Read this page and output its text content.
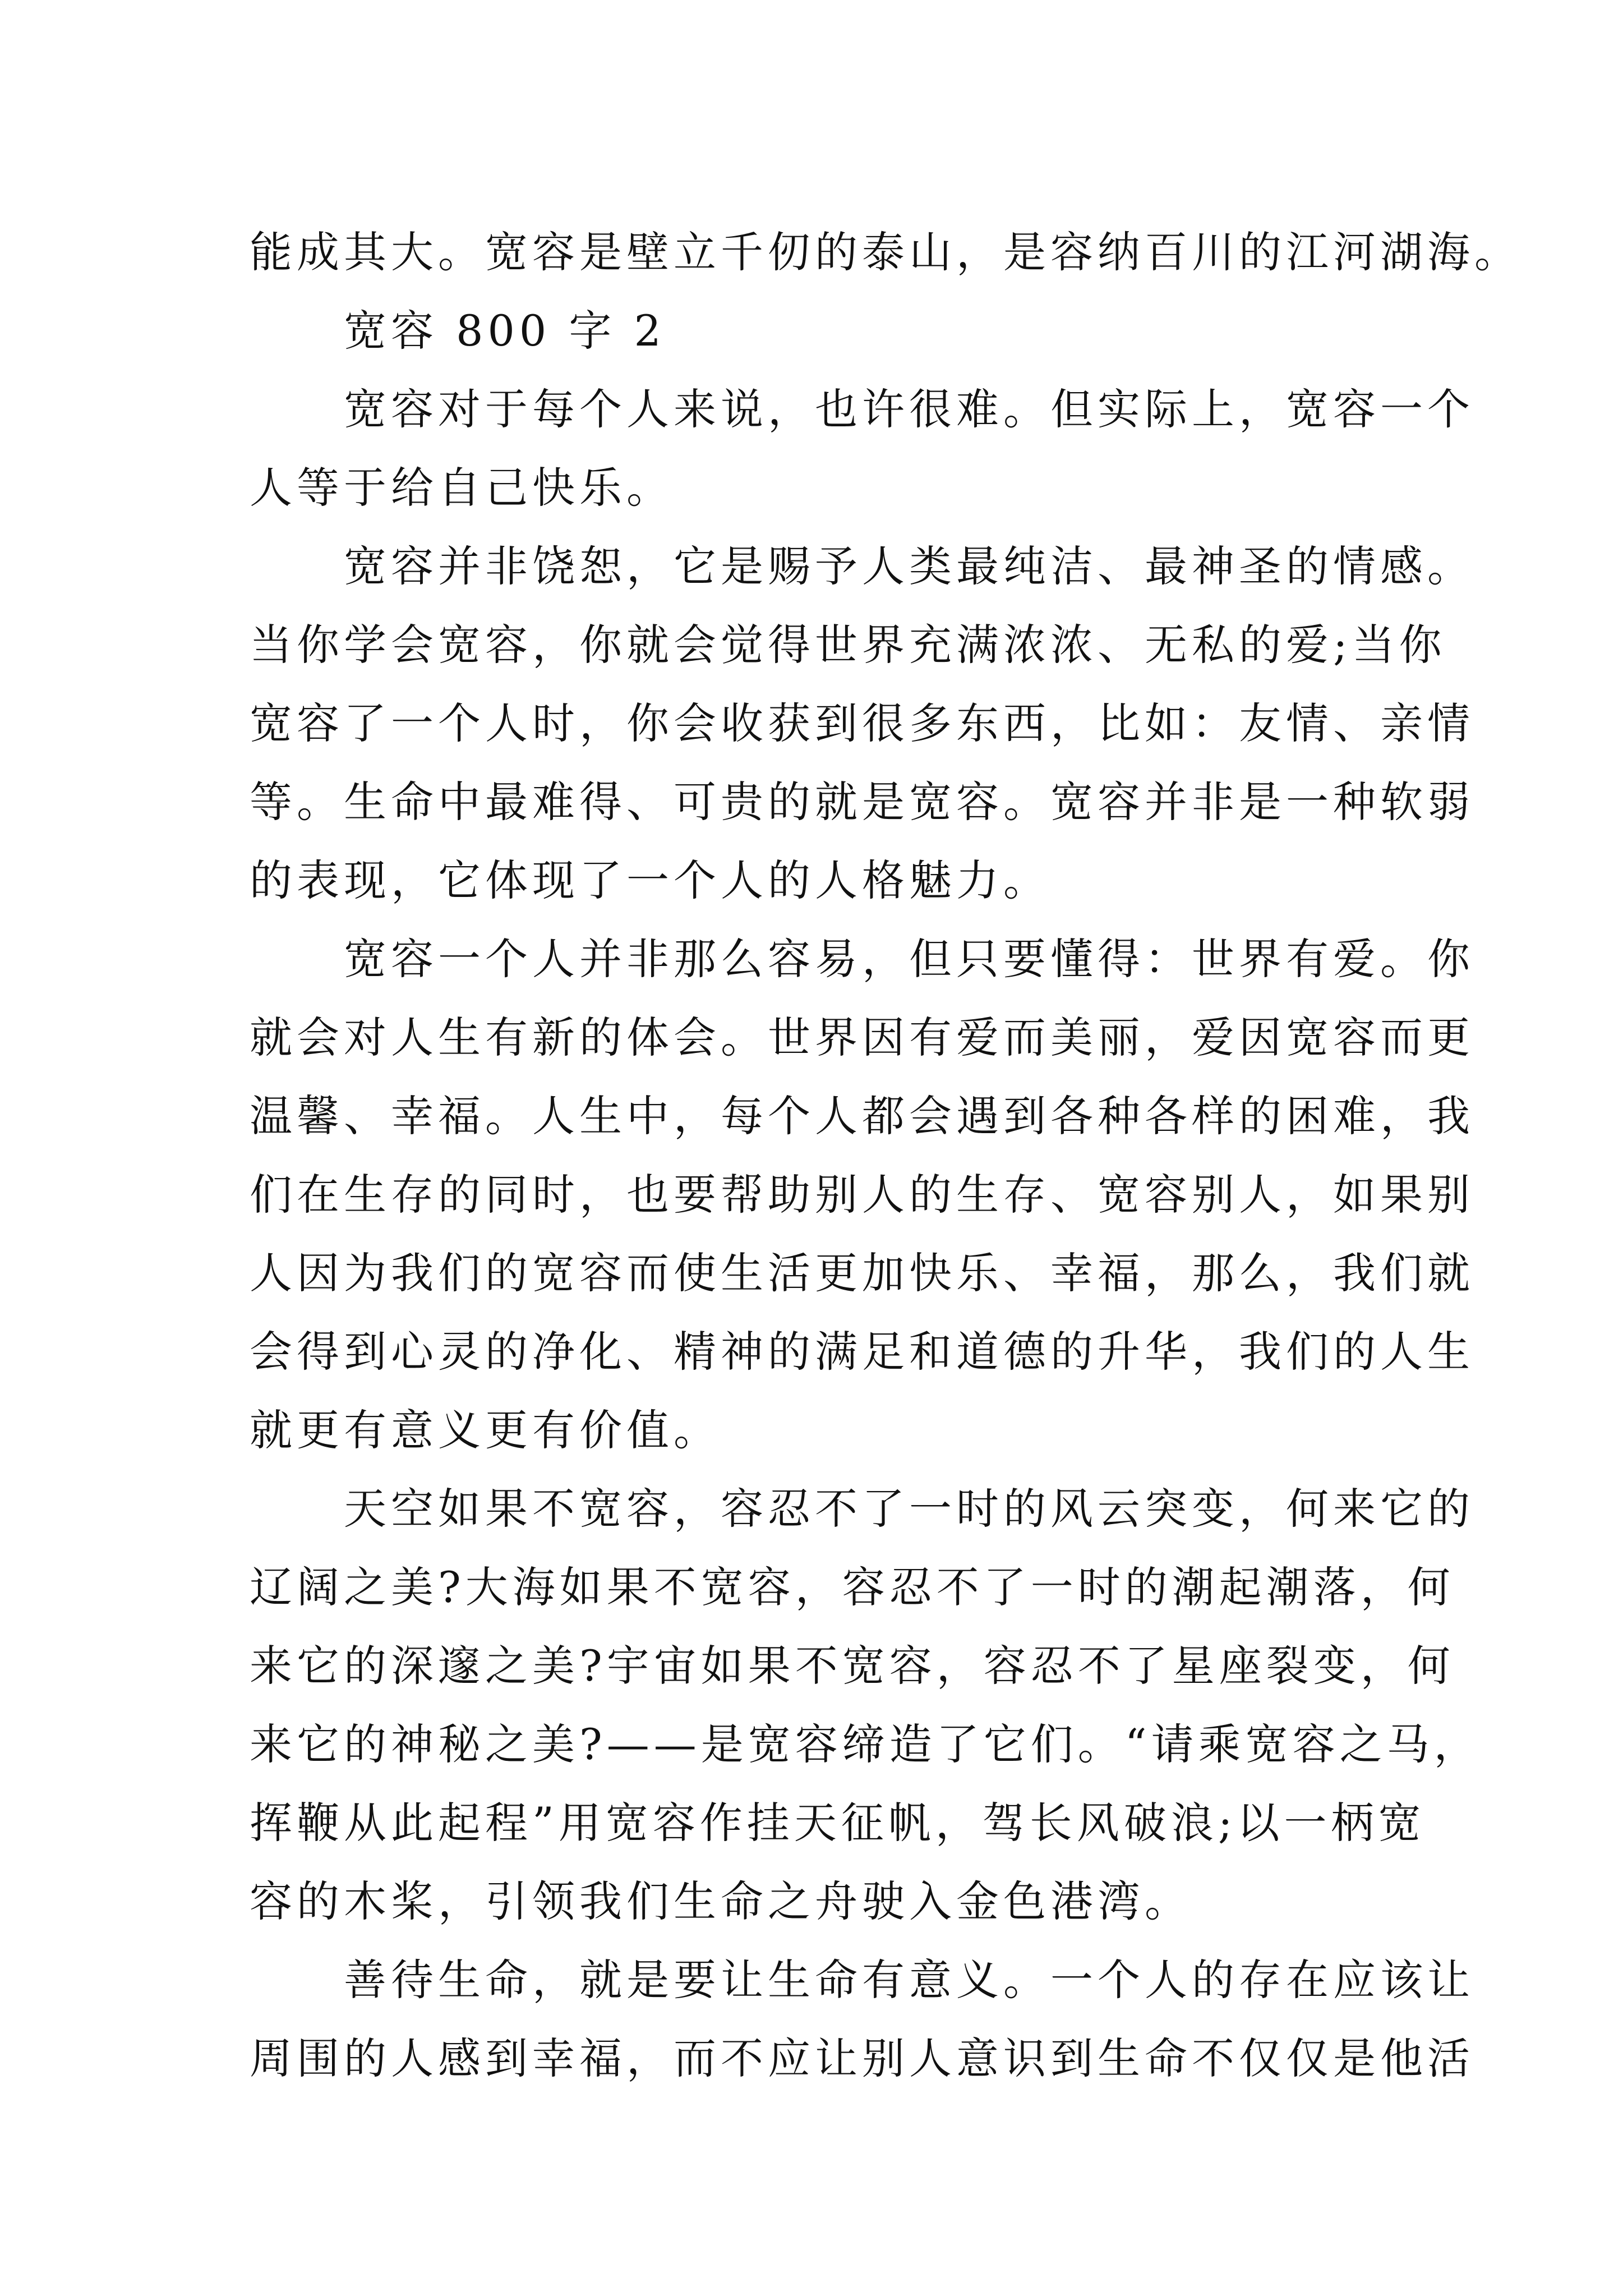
能成其大。宽容是壁立千仞的泰山，是容纳百川的江河湖海。
宽容 800 字 2
宽容对于每个人来说，也许很难。但实际上，宽容一个
人等于给自己快乐。
宽容并非饶恕，它是赐予人类最纯洁、最神圣的情感。
当你学会宽容，你就会觉得世界充满浓浓、无私的爱;当你
宽容了一个人时，你会收获到很多东西，比如：友情、亲情
等。生命中最难得、可贵的就是宽容。宽容并非是一种软弱
的表现，它体现了一个人的人格魅力。
宽容一个人并非那么容易，但只要懂得：世界有爱。你
就会对人生有新的体会。世界因有爱而美丽，爱因宽容而更
温馨、幸福。人生中，每个人都会遇到各种各样的困难，我
们在生存的同时，也要帮助别人的生存、宽容别人，如果别
人因为我们的宽容而使生活更加快乐、幸福，那么，我们就
会得到心灵的净化、精神的满足和道德的升华，我们的人生
就更有意义更有价值。
天空如果不宽容，容忍不了一时的风云突变，何来它的
辽阔之美?大海如果不宽容，容忍不了一时的潮起潮落，何
来它的深邃之美?宇宙如果不宽容，容忍不了星座裂变，何
来它的神秘之美?——是宽容缔造了它们。“请乘宽容之马，
挥鞭从此起程”用宽容作挂天征帆，驾长风破浪;以一柄宽
容的木桨，引领我们生命之舟驶入金色港湾。
善待生命，就是要让生命有意义。一个人的存在应该让
周围的人感到幸福，而不应让别人意识到生命不仅仅是他活
